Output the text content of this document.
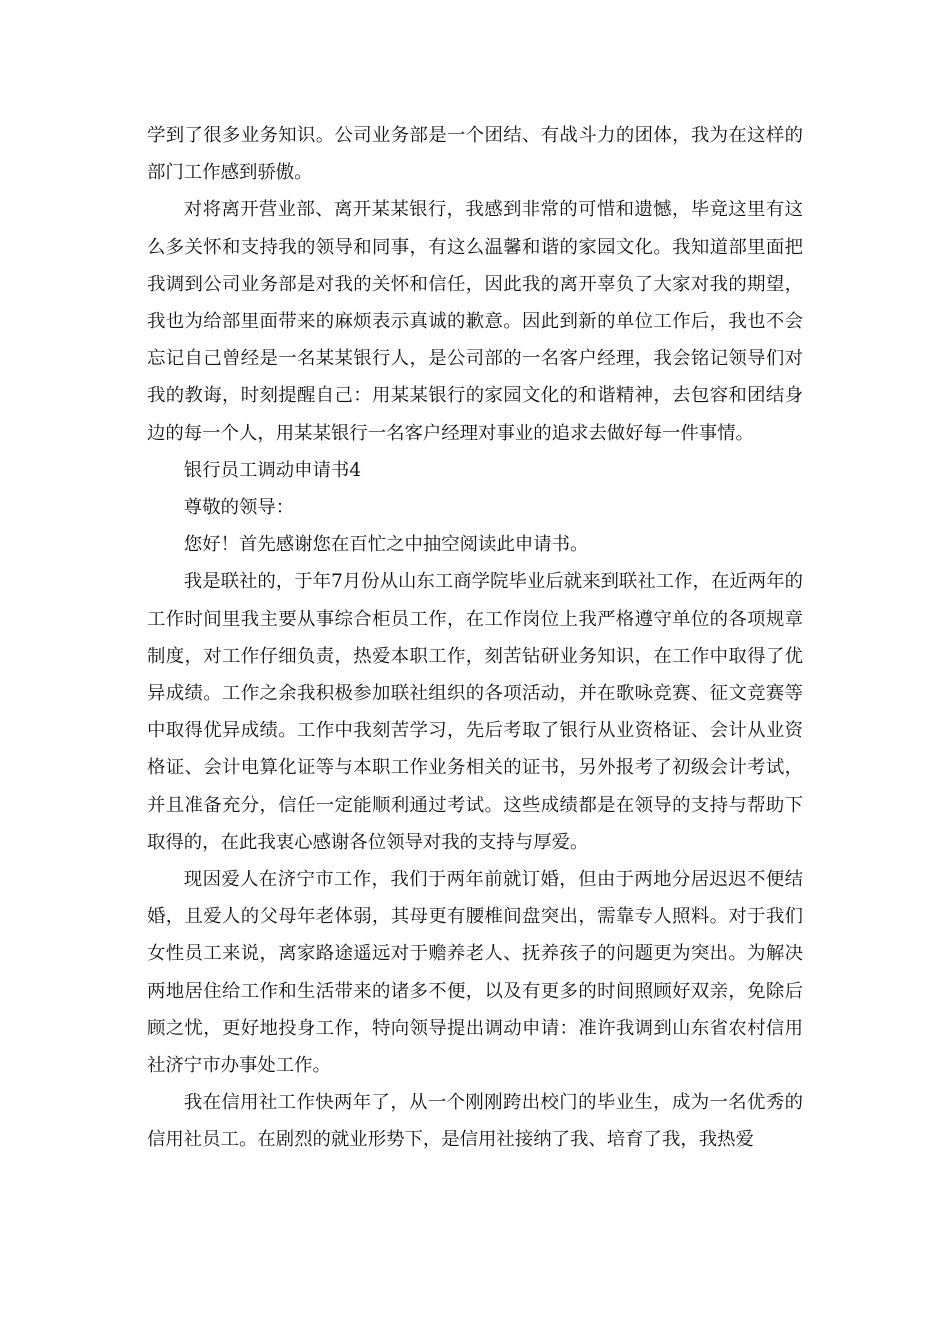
学到了很多业务知识。公司业务部是一个团结、有战斗力的团体，我为在这样的部门工作感到骄傲。

对将离开营业部、离开某某银行，我感到非常的可惜和遗憾，毕竟这里有这么多关怀和支持我的领导和同事，有这么温馨和谐的家园文化。我知道部里面把我调到公司业务部是对我的关怀和信任，因此我的离开辜负了大家对我的期望，我也为给部里面带来的麻烦表示真诚的歉意。因此到新的单位工作后，我也不会忘记自己曾经是一名某某银行人，是公司部的一名客户经理，我会铭记领导们对我的教诲，时刻提醒自己：用某某银行的家园文化的和谐精神，去包容和团结身边的每一个人，用某某银行一名客户经理对事业的追求去做好每一件事情。

银行员工调动申请书4

尊敬的领导：

您好！首先感谢您在百忙之中抽空阅读此申请书。

我是联社的，于年7月份从山东工商学院毕业后就来到联社工作，在近两年的工作时间里我主要从事综合柜员工作，在工作岗位上我严格遵守单位的各项规章制度，对工作仔细负责，热爱本职工作，刻苦钻研业务知识，在工作中取得了优异成绩。工作之余我积极参加联社组织的各项活动，并在歌咏竞赛、征文竞赛等中取得优异成绩。工作中我刻苦学习，先后考取了银行从业资格证、会计从业资格证、会计电算化证等与本职工作业务相关的证书，另外报考了初级会计考试，并且准备充分，信任一定能顺利通过考试。这些成绩都是在领导的支持与帮助下取得的，在此我衷心感谢各位领导对我的支持与厚爱。

现因爱人在济宁市工作，我们于两年前就订婚，但由于两地分居迟迟不便结婚，且爱人的父母年老体弱，其母更有腰椎间盘突出，需靠专人照料。对于我们女性员工来说，离家路途遥远对于赡养老人、抚养孩子的问题更为突出。为解决两地居住给工作和生活带来的诸多不便，以及有更多的时间照顾好双亲，免除后顾之忧，更好地投身工作，特向领导提出调动申请：准许我调到山东省农村信用社济宁市办事处工作。

我在信用社工作快两年了，从一个刚刚跨出校门的毕业生，成为一名优秀的信用社员工。在剧烈的就业形势下，是信用社接纳了我、培育了我，我热爱
